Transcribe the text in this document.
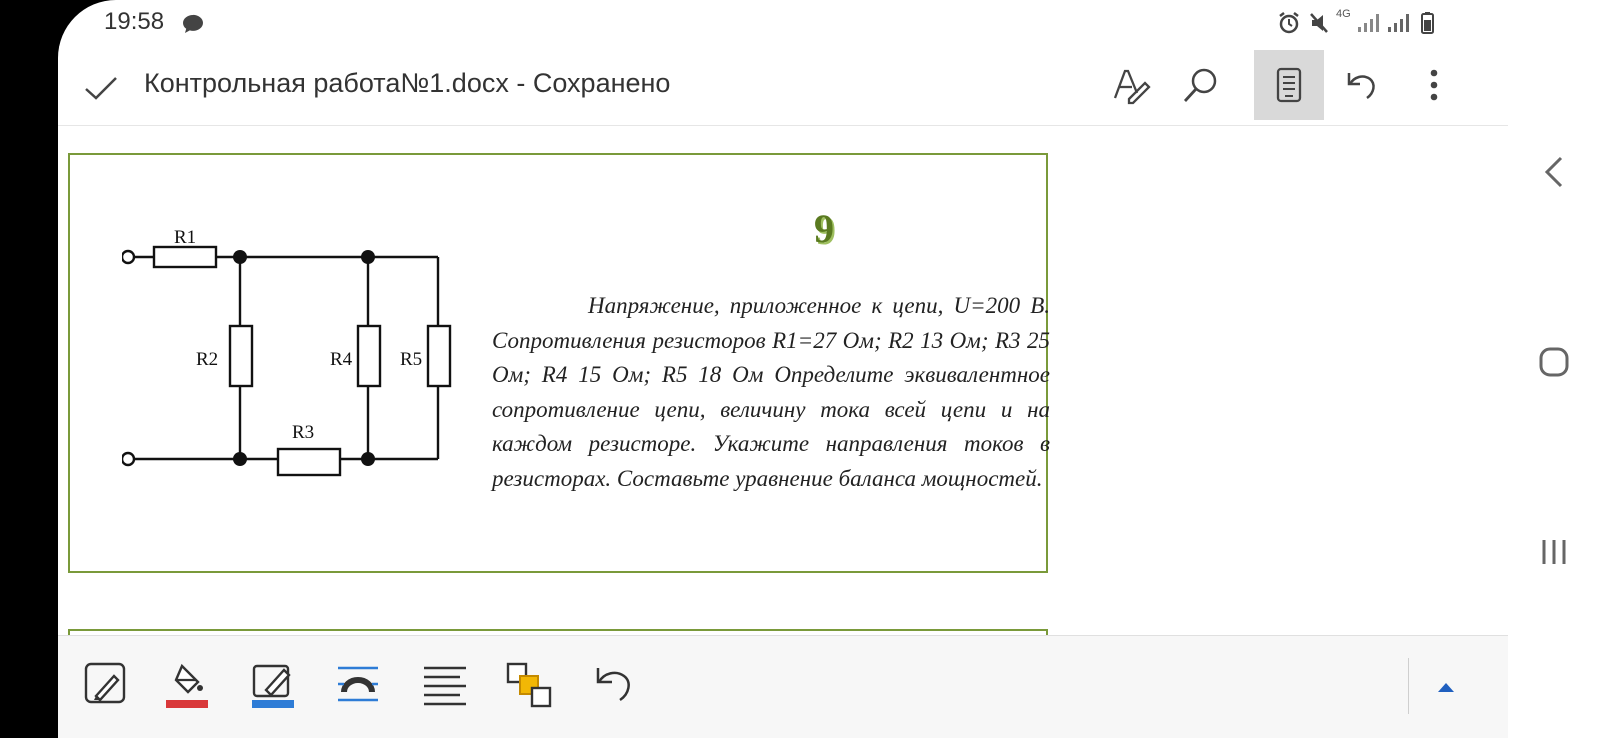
19:58	4G
Контрольная работа№1.docx - Сохранено
R1
R2
R3
R4	R5
9
Напряжение, приложенное к цепи, U=200 В. Сопротивления резисторов R1=27 Ом; R2 13 Ом; R3 25 Ом; R4 15 Ом; R5 18 Ом Определите эквивалентное сопротивление цепи, величину тока всей цепи и на каждом резисторе. Укажите направления токов в резисторах. Составьте уравнение баланса мощностей.
